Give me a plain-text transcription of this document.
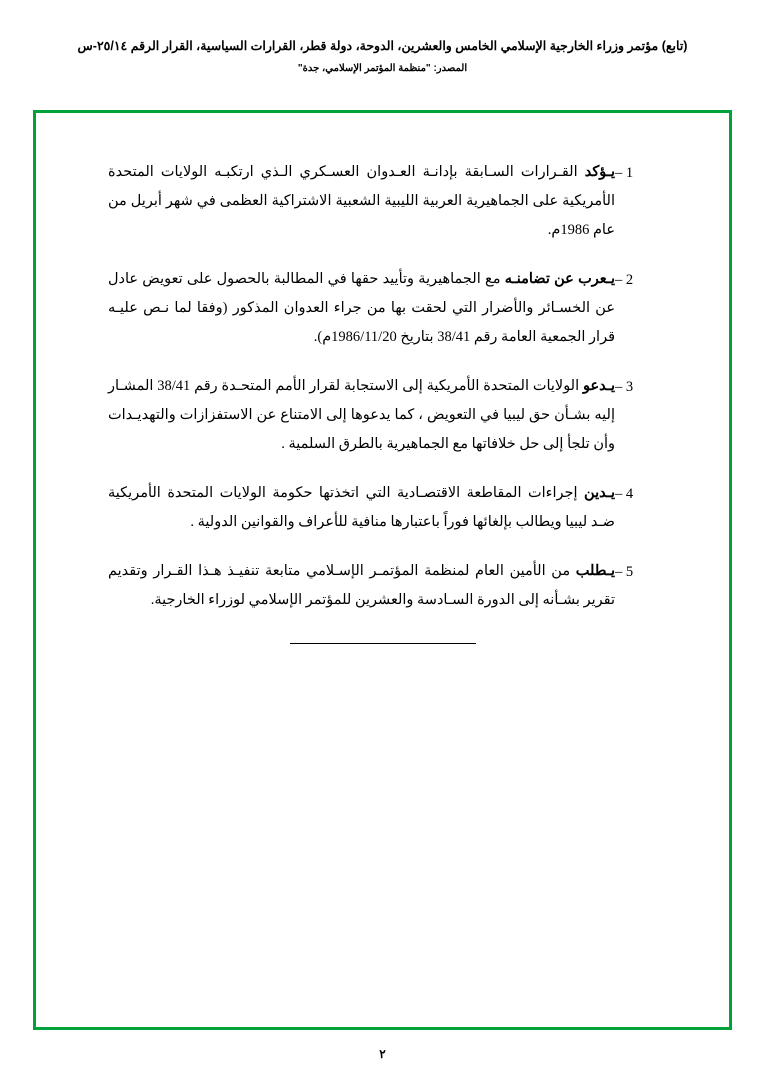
(تابع) مؤتمر وزراء الخارجية الإسلامي الخامس والعشرين، الدوحة، دولة قطر، القرارات السياسية، القرار الرقم ٢٥/١٤-س
المصدر: "منظمة المؤتمر الإسلامي، جدة"
1 –
يـؤكد القـرارات السـابقة بإدانـة العـدوان العسـكري الـذي ارتكبـه الولايات المتحدة الأمريكية على الجماهيرية العربية الليبية الشعبية الاشتراكية العظمى في شهر أبريل من عام 1986م.
2 –
يـعرب عن تضامنـه مع الجماهيرية وتأييد حقها في المطالبة بالحصول على تعويض عادل عن الخسـائر والأضرار التي لحقت بها من جراء العدوان المذكور (وفقا لما نـص عليـه قرار الجمعية العامة رقم 38/41 بتاريخ 1986/11/20م).
3 –
يـدعو الولايات المتحدة الأمريكية إلى الاستجابة لقرار الأمم المتحـدة رقم 38/41 المشـار إليه بشـأن حق ليبيا في التعويض ، كما يدعوها إلى الامتناع عن الاستفزازات والتهديـدات وأن تلجأ إلى حل خلافاتها مع الجماهيرية بالطرق السلمية .
4 –
يـدين إجراءات المقاطعة الاقتصـادية التي اتخذتها حكومة الولايات المتحدة الأمريكية ضـد ليبيا ويطالب بإلغائها فوراً باعتبارها منافية للأعراف والقوانين الدولية .
5 –
يـطلب من الأمين العام لمنظمة المؤتمـر الإسـلامي متابعة تنفيـذ هـذا القـرار وتقديم تقرير بشـأنه إلى الدورة السـادسة والعشرين للمؤتمر الإسلامي لوزراء الخارجية.
٢
